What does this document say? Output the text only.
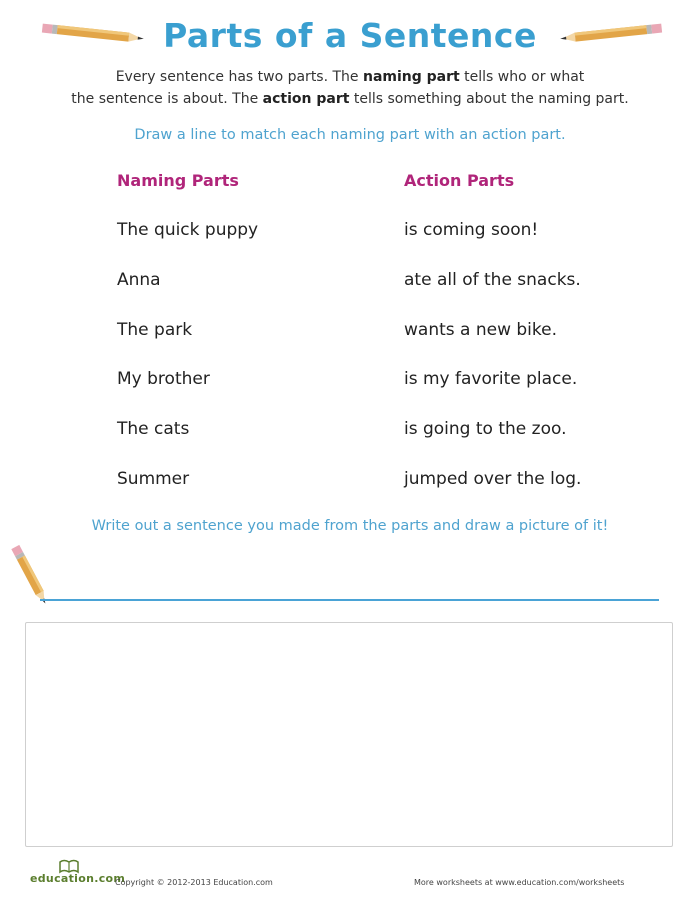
Parts of a Sentence
Every sentence has two parts. The naming part tells who or what
the sentence is about. The action part tells something about the naming part.
Draw a line to match each naming part with an action part.
Naming Parts	Action Parts
The quick puppy
Anna
The park
My brother
The cats
Summer
is coming soon!
ate all of the snacks.
wants a new bike.
is my favorite place.
is going to the zoo.
jumped over the log.
Write out a sentence you made from the parts and draw a picture of it!
education.com
Copyright © 2012-2013 Education.com	More worksheets at www.education.com/worksheets
